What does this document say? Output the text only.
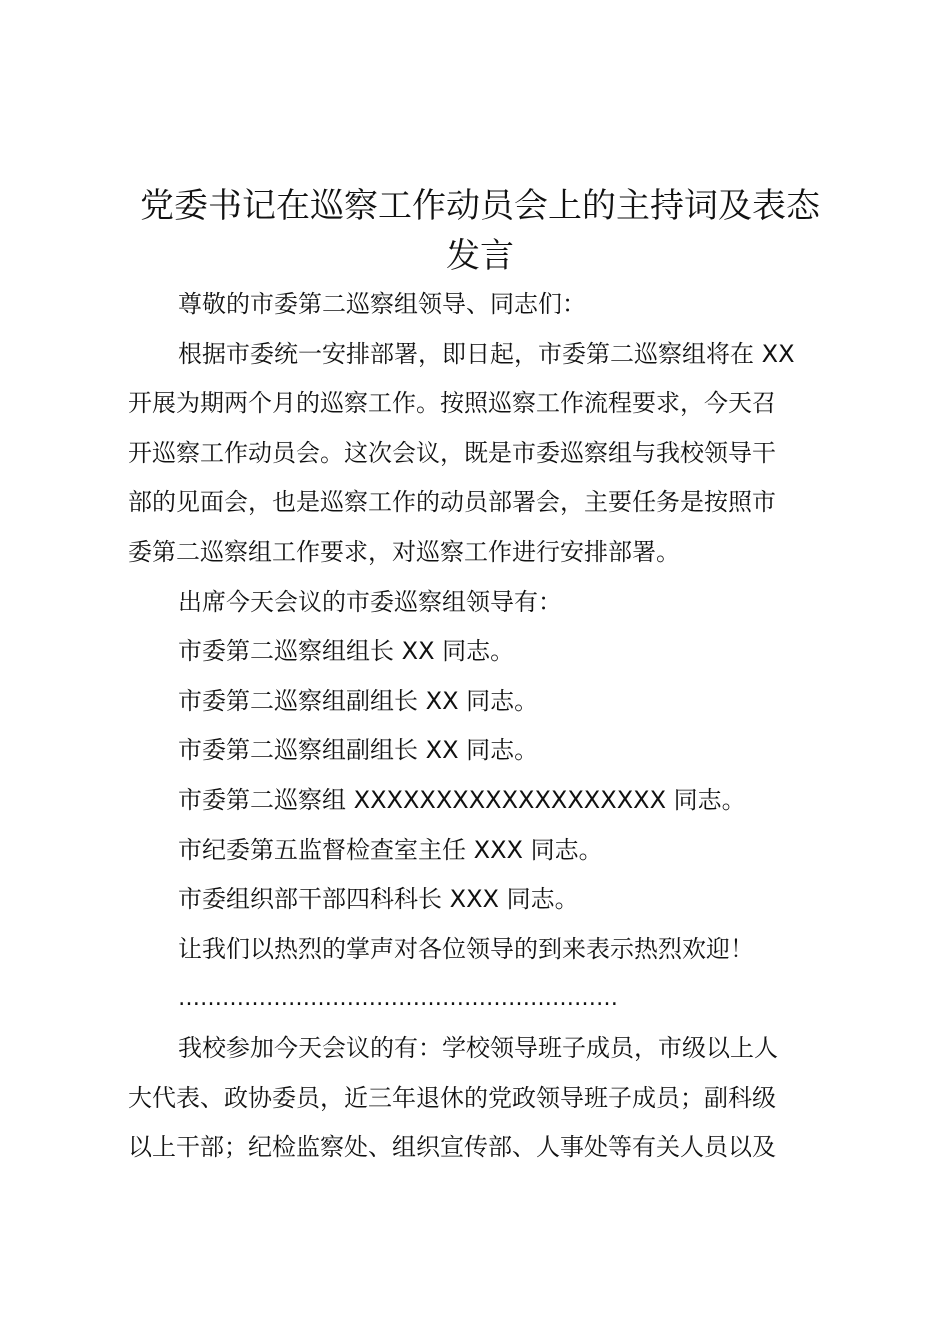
党委书记在巡察工作动员会上的主持词及表态
发言
尊敬的市委第二巡察组领导、同志们：
根据市委统一安排部署，即日起，市委第二巡察组将在 XX
开展为期两个月的巡察工作。按照巡察工作流程要求，今天召
开巡察工作动员会。这次会议，既是市委巡察组与我校领导干
部的见面会，也是巡察工作的动员部署会，主要任务是按照市
委第二巡察组工作要求，对巡察工作进行安排部署。
出席今天会议的市委巡察组领导有：
市委第二巡察组组长 XX 同志。
市委第二巡察组副组长 XX 同志。
市委第二巡察组副组长 XX 同志。
市委第二巡察组 XXXXXXXXXXXXXXXXXXX 同志。
市纪委第五监督检查室主任 XXX 同志。
市委组织部干部四科科长 XXX 同志。
让我们以热烈的掌声对各位领导的到来表示热烈欢迎！
……………………………………………………
我校参加今天会议的有：学校领导班子成员，市级以上人
大代表、政协委员，近三年退休的党政领导班子成员；副科级
以上干部；纪检监察处、组织宣传部、人事处等有关人员以及
